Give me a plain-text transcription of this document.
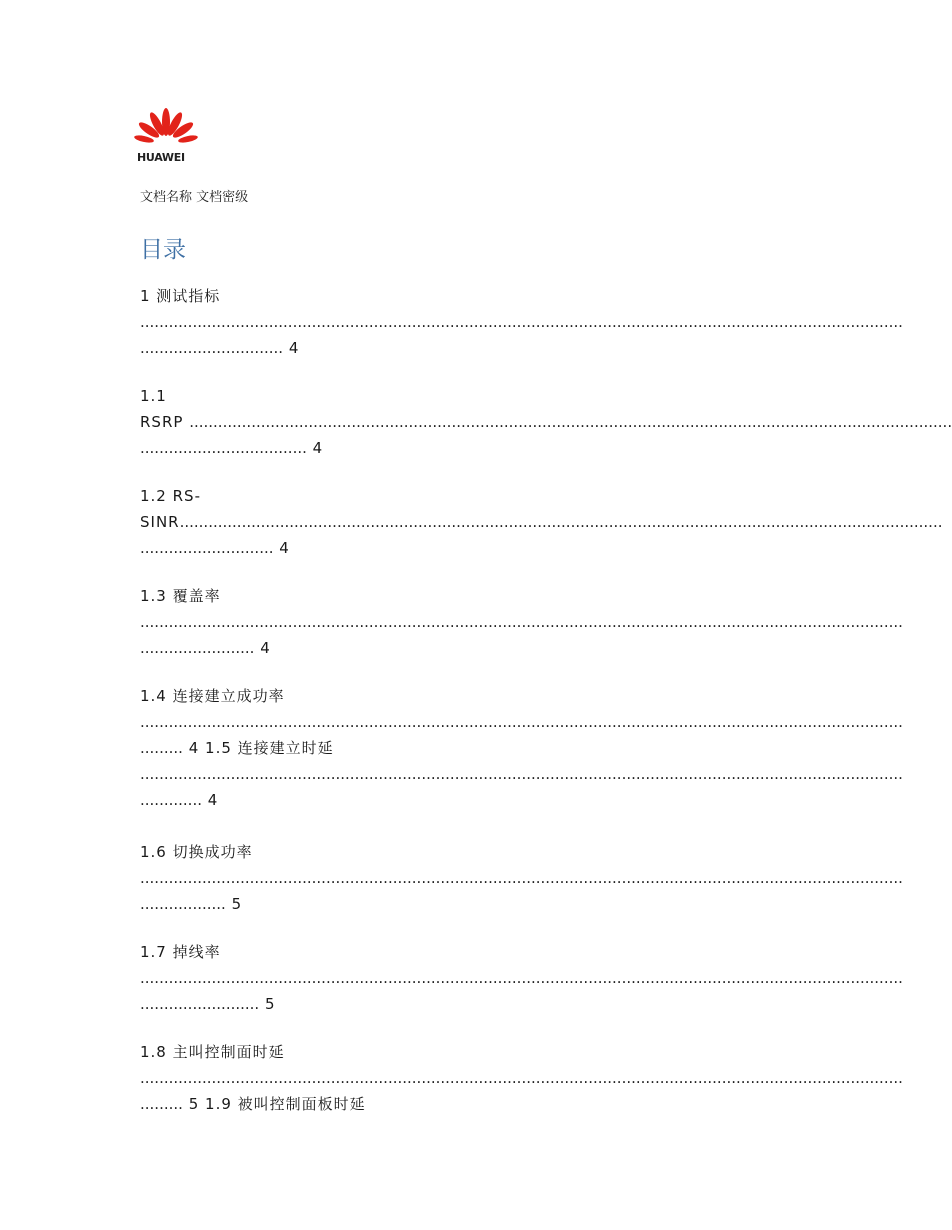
HUAWEI
文档名称 文档密级
目录
1 测试指标
................................................................................................................................................................
.............................. 4
1.1
RSRP ................................................................................................................................................................
................................... 4
1.2 RS-
SINR................................................................................................................................................................
............................ 4
1.3 覆盖率
................................................................................................................................................................
........................ 4
1.4 连接建立成功率
................................................................................................................................................................
......... 4 1.5 连接建立时延
................................................................................................................................................................
............. 4
1.6 切换成功率
................................................................................................................................................................
.................. 5
1.7 掉线率
................................................................................................................................................................
......................... 5
1.8 主叫控制面时延
................................................................................................................................................................
......... 5 1.9 被叫控制面板时延
